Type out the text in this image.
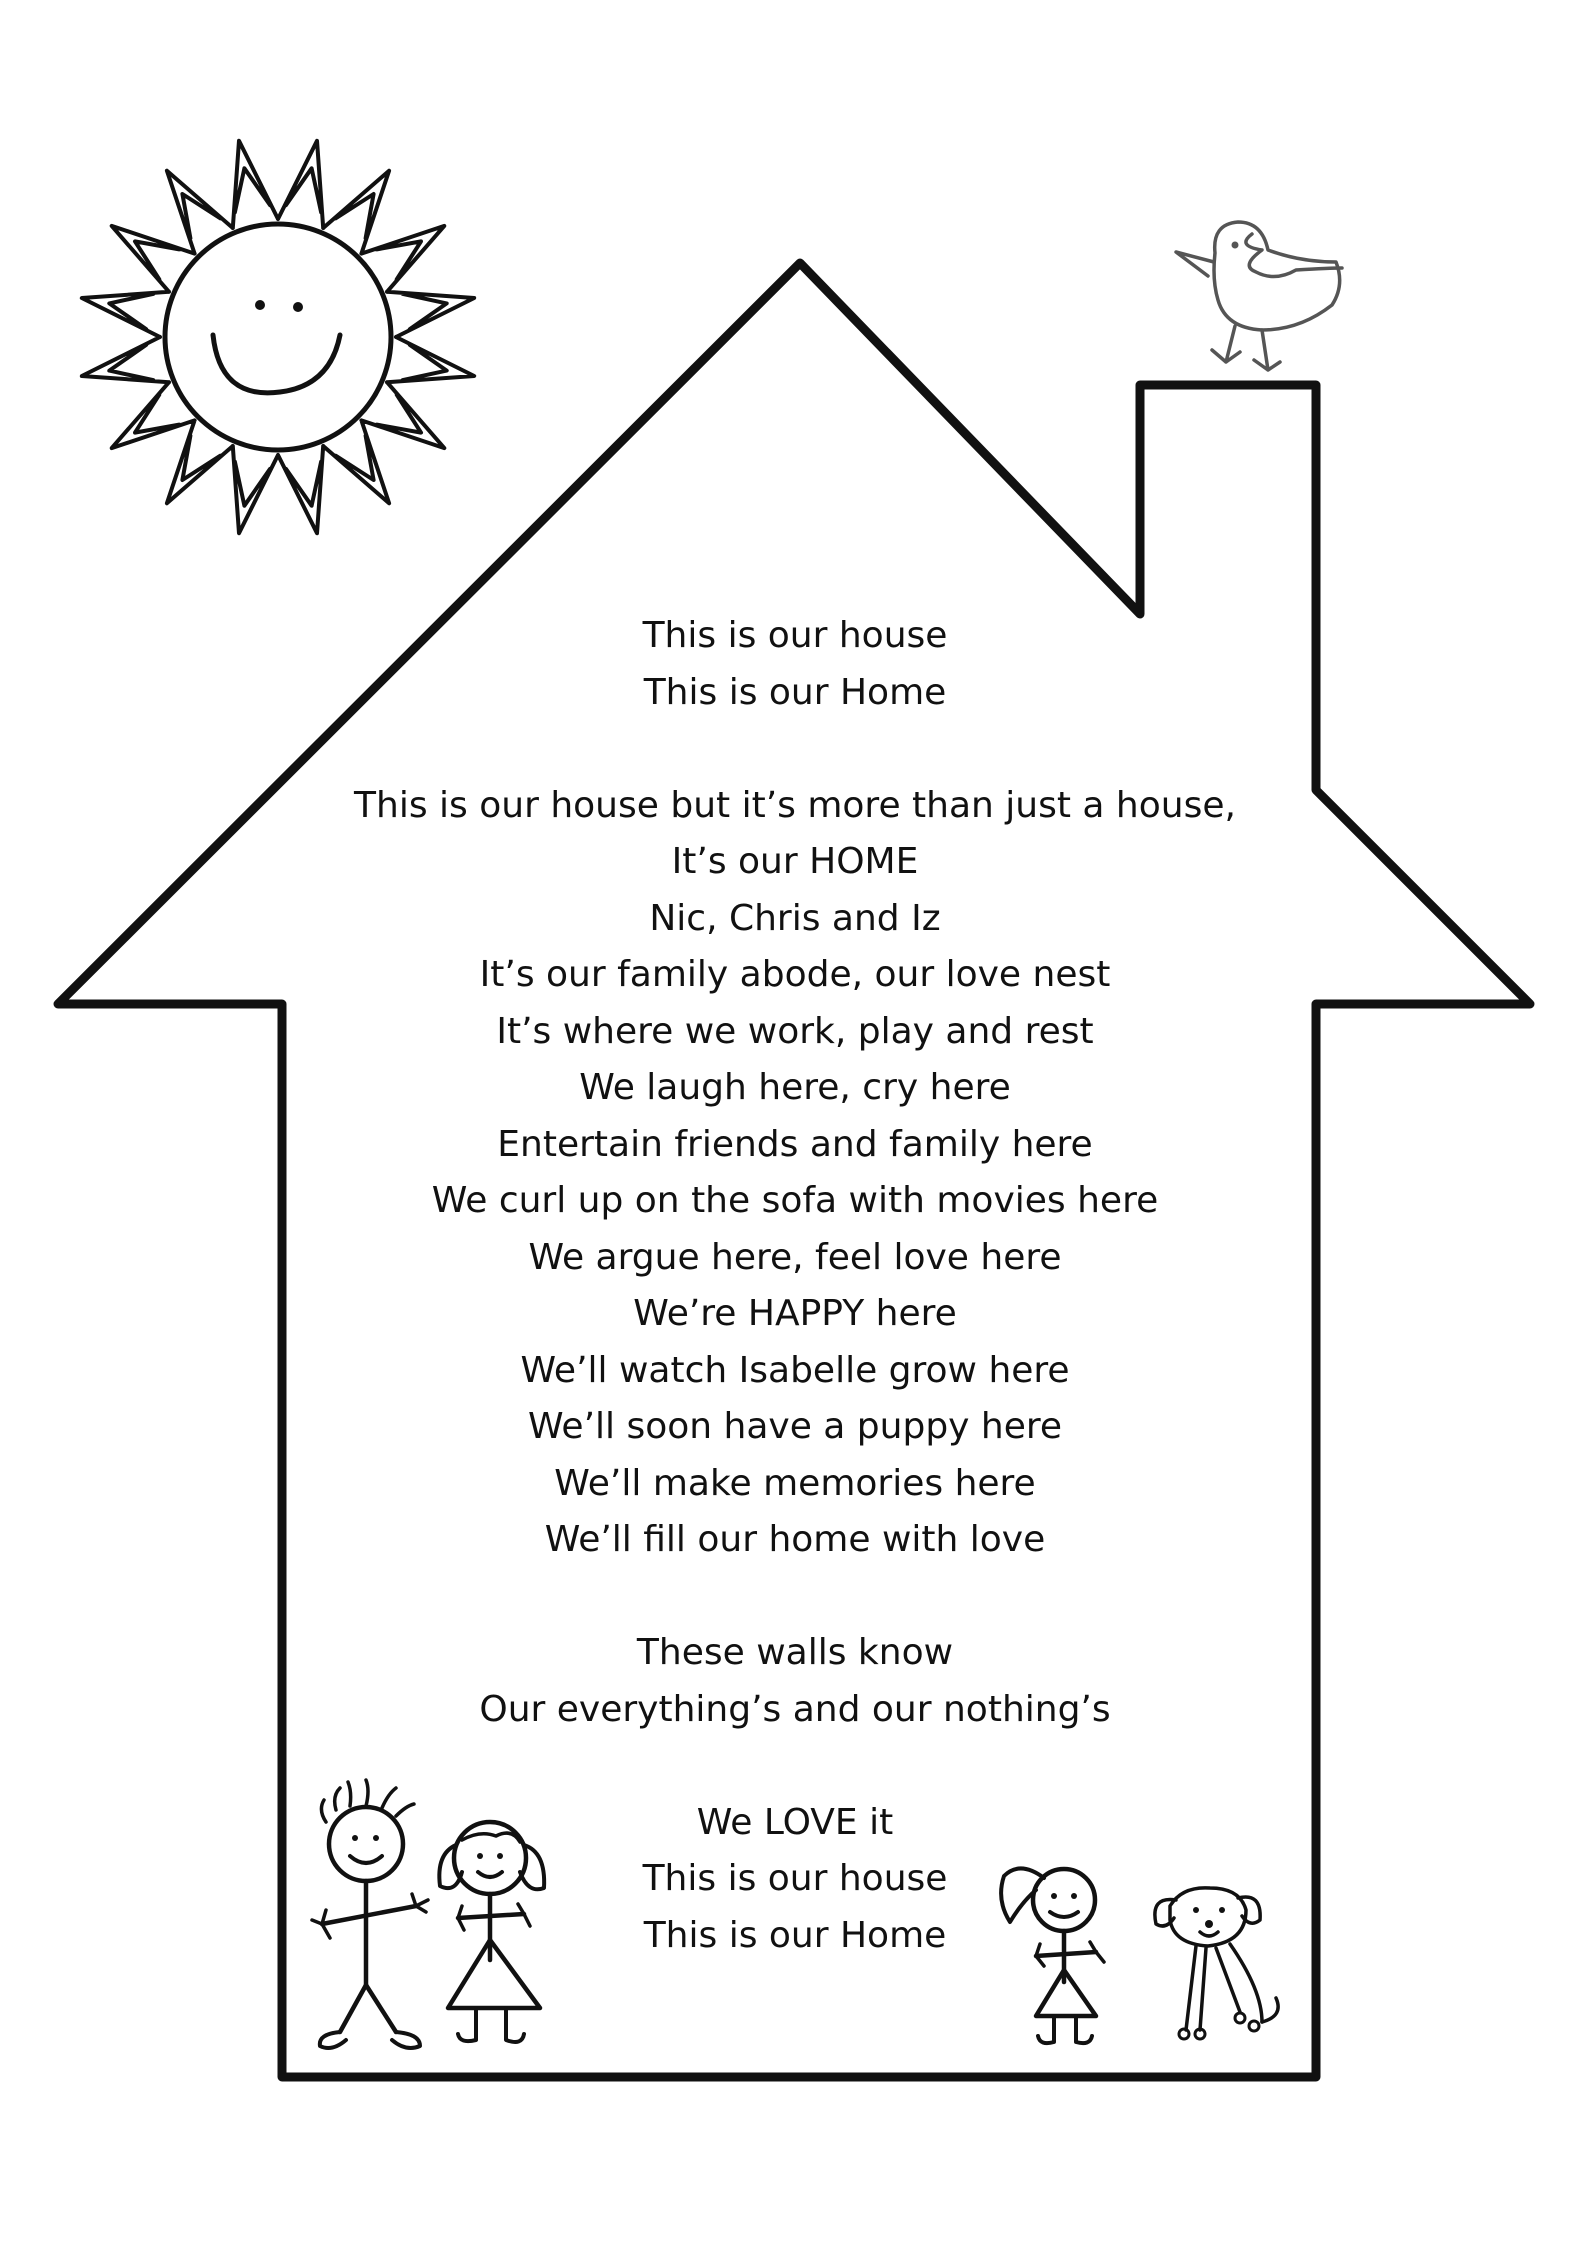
This is our house
This is our Home
This is our house but it’s more than just a house,
It’s our HOME
Nic, Chris and Iz
It’s our family abode, our love nest
It’s where we work, play and rest
We laugh here, cry here
Entertain friends and family here
We curl up on the sofa with movies here
We argue here, feel love here
We’re HAPPY here
We’ll watch Isabelle grow here
We’ll soon have a puppy here
We’ll make memories here
We’ll fill our home with love
These walls know
Our everything’s and our nothing’s
We LOVE it
This is our house
This is our Home
